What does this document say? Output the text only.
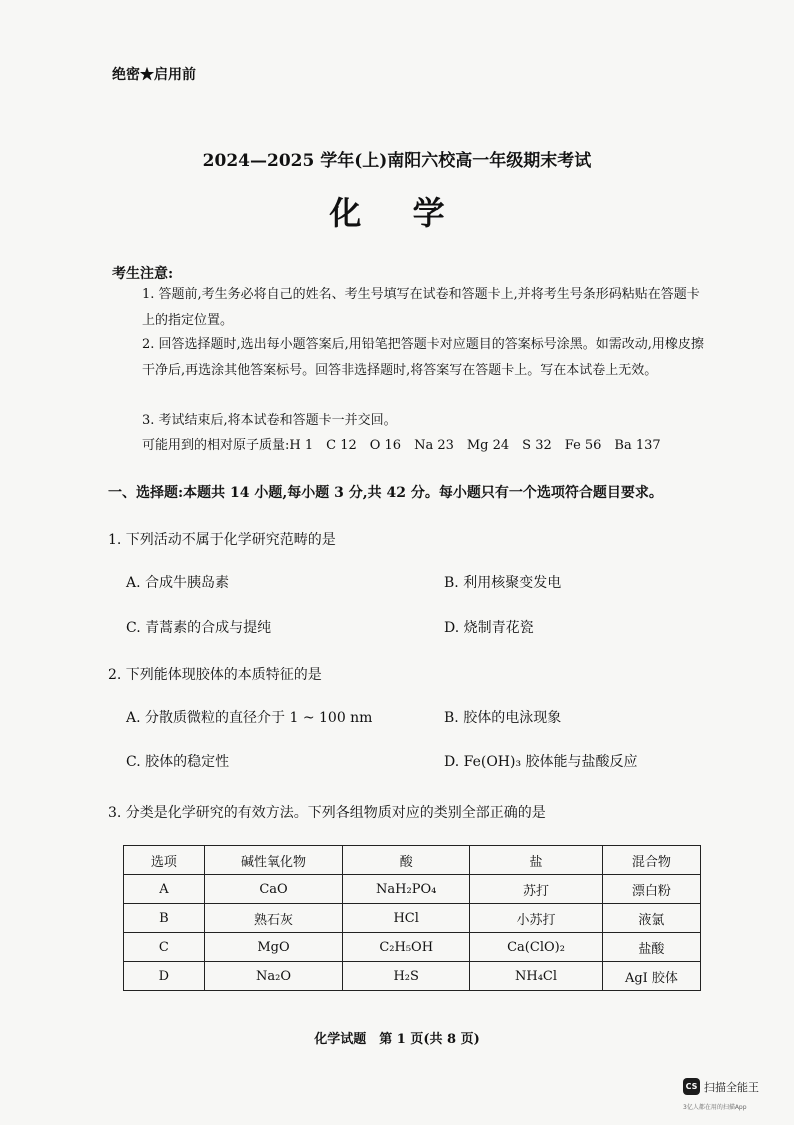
绝密★启用前
2024—2025 学年(上)南阳六校高一年级期末考试
化 学
考生注意:
1. 答题前,考生务必将自己的姓名、考生号填写在试卷和答题卡上,并将考生号条形码粘贴在答题卡上的指定位置。
2. 回答选择题时,选出每小题答案后,用铅笔把答题卡对应题目的答案标号涂黑。如需改动,用橡皮擦干净后,再选涂其他答案标号。回答非选择题时,将答案写在答题卡上。写在本试卷上无效。
3. 考试结束后,将本试卷和答题卡一并交回。
可能用到的相对原子质量:H 1　C 12　O 16　Na 23　Mg 24　S 32　Fe 56　Ba 137
一、选择题:本题共 14 小题,每小题 3 分,共 42 分。每小题只有一个选项符合题目要求。
1. 下列活动不属于化学研究范畴的是
A. 合成牛胰岛素	B. 利用核聚变发电
C. 青蒿素的合成与提纯	D. 烧制青花瓷
2. 下列能体现胶体的本质特征的是
A. 分散质微粒的直径介于 1 ~ 100 nm	B. 胶体的电泳现象
C. 胶体的稳定性	D. Fe(OH)₃ 胶体能与盐酸反应
3. 分类是化学研究的有效方法。下列各组物质对应的类别全部正确的是
选项	碱性氧化物	酸	盐	混合物
A	CaO	NaH₂PO₄	苏打	漂白粉
B	熟石灰	HCl	小苏打	液氯
C	MgO	C₂H₅OH	Ca(ClO)₂	盐酸
D	Na₂O	H₂S	NH₄Cl	AgI 胶体
化学试题　第 1 页(共 8 页)
CS 扫描全能王
3亿人都在用的扫描App
